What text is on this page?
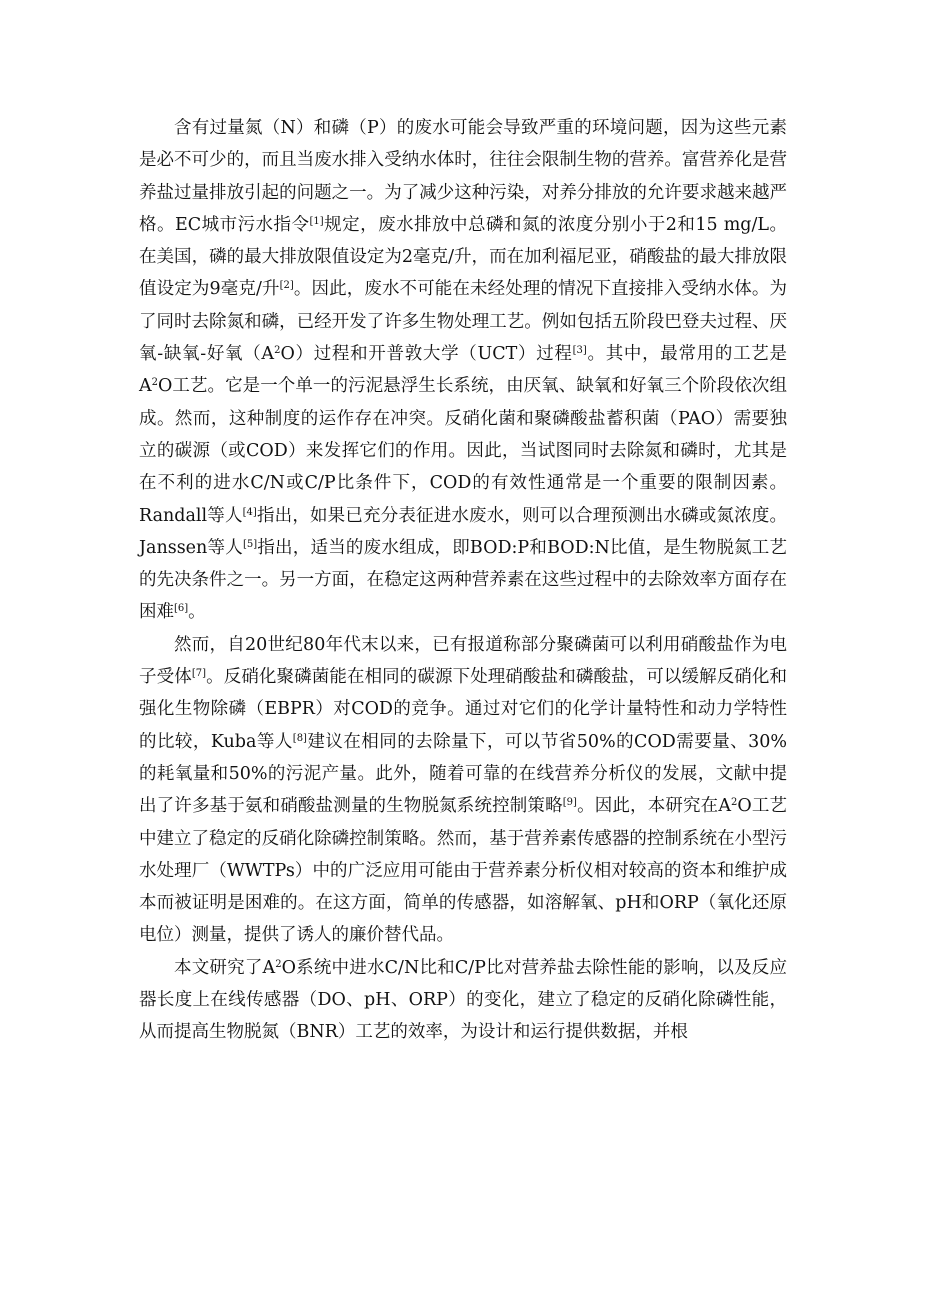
含有过量氮（N）和磷（P）的废水可能会导致严重的环境问题，因为这些元素是必不可少的，而且当废水排入受纳水体时，往往会限制生物的营养。富营养化是营养盐过量排放引起的问题之一。为了减少这种污染，对养分排放的允许要求越来越严格。EC城市污水指令[1]规定，废水排放中总磷和氮的浓度分别小于2和15 mg/L。在美国，磷的最大排放限值设定为2毫克/升，而在加利福尼亚，硝酸盐的最大排放限值设定为9毫克/升[2]。因此，废水不可能在未经处理的情况下直接排入受纳水体。为了同时去除氮和磷，已经开发了许多生物处理工艺。例如包括五阶段巴登夫过程、厌氧-缺氧-好氧$(A^2O)$过程和开普敦大学（UCT）过程[3]。其中，最常用的工艺是$A^2O$工艺。它是一个单一的污泥悬浮生长系统，由厌氧、缺氧和好氧三个阶段依次组成。然而，这种制度的运作存在冲突。反硝化菌和聚磷酸盐蓄积菌（PAO）需要独立的碳源（或COD）来发挥它们的作用。因此，当试图同时去除氮和磷时，尤其是在不利的进水C/N或C/P比条件下，COD的有效性通常是一个重要的限制因素。Randall等人[4]指出，如果已充分表征进水废水，则可以合理预测出水磷或氮浓度。Janssen等人[5]指出，适当的废水组成，即BOD:P和BOD:N比值，是生物脱氮工艺的先决条件之一。另一方面，在稳定这两种营养素在这些过程中的去除效率方面存在困难[6]。

然而，自20世纪80年代末以来，已有报道称部分聚磷菌可以利用硝酸盐作为电子受体[7]。反硝化聚磷菌能在相同的碳源下处理硝酸盐和磷酸盐，可以缓解反硝化和强化生物除磷（EBPR）对COD的竞争。通过对它们的化学计量特性和动力学特性的比较，Kuba等人[8]建议在相同的去除量下，可以节省50%的COD需要量、30%的耗氧量和50%的污泥产量。此外，随着可靠的在线营养分析仪的发展，文献中提出了许多基于氨和硝酸盐测量的生物脱氮系统控制策略[9]。因此，本研究在$A^2O$工艺中建立了稳定的反硝化除磷控制策略。然而，基于营养素传感器的控制系统在小型污水处理厂（WWTPs）中的广泛应用可能由于营养素分析仪相对较高的资本和维护成本而被证明是困难的。在这方面，简单的传感器，如溶解氧、pH和ORP（氧化还原电位）测量，提供了诱人的廉价替代品。

本文研究了$A^2O$系统中进水C/N比和C/P比对营养盐去除性能的影响，以及反应器长度上在线传感器（DO、pH、ORP）的变化，建立了稳定的反硝化除磷性能，从而提高生物脱氮（BNR）工艺的效率，为设计和运行提供数据，并根
